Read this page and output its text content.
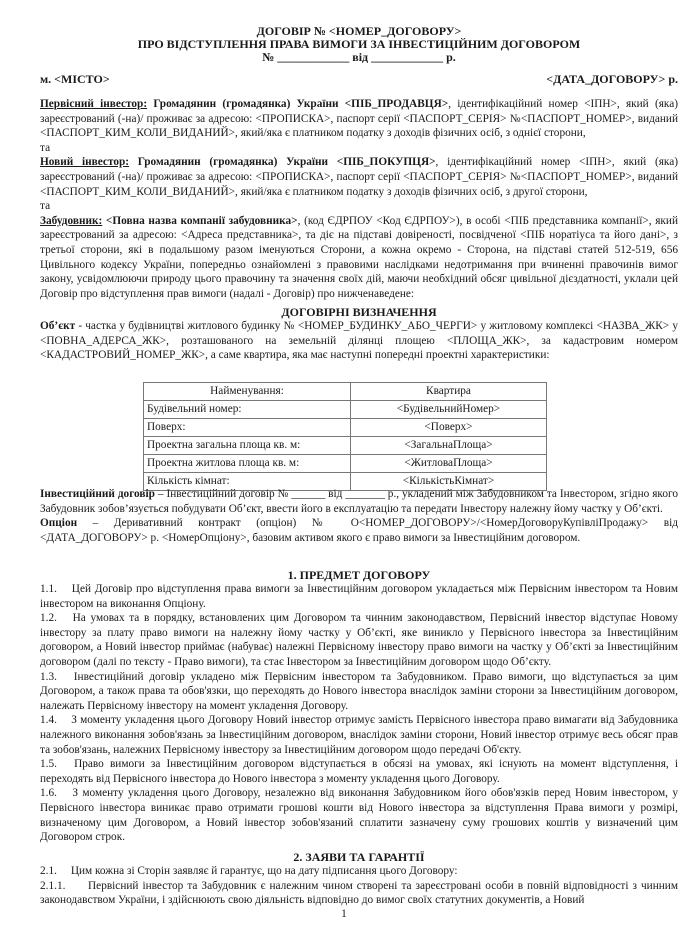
ДОГОВІР № <НОМЕР_ДОГОВОРУ>
ПРО ВІДСТУПЛЕННЯ ПРАВА ВИМОГИ ЗА ІНВЕСТИЦІЙНИМ ДОГОВОРОМ
№ ____________ від ____________ р.
м. <МІСТО>	<ДАТА_ДОГОВОРУ> р.
Первісний інвестор: Громадянин (громадянка) України <ПІБ_ПРОДАВЦЯ>, ідентифікаційний номер <ІПН>, який (яка) зареєстрований (-на)/ проживає за адресою: <ПРОПИСКА>, паспорт серії <ПАСПОРТ_СЕРІЯ> №<ПАСПОРТ_НОМЕР>, виданий <ПАСПОРТ_КИМ_КОЛИ_ВИДАНИЙ>, який/яка є платником податку з доходів фізичних осіб, з однієї сторони,
та
Новий інвестор: Громадянин (громадянка) України <ПІБ_ПОКУПЦЯ>, ідентифікаційний номер <ІПН>, який (яка) зареєстрований (-на)/ проживає за адресою: <ПРОПИСКА>, паспорт серії <ПАСПОРТ_СЕРІЯ> №<ПАСПОРТ_НОМЕР>, виданий <ПАСПОРТ_КИМ_КОЛИ_ВИДАНИЙ>, який/яка є платником податку з доходів фізичних осіб, з другої сторони,
та
Забудовник: <Повна назва компанії забудовника>, (код ЄДРПОУ <Код ЄДРПОУ>), в особі <ПІБ представника компанії>, який зареєстрований за адресою: <Адреса представника>, та діє на підставі довіреності, посвідченої <ПІБ норатіуса та його дані>, з третьої сторони, які в подальшому разом іменуються Сторони, а кожна окремо - Сторона, на підставі статей 512-519, 656 Цивільного кодексу України, попередньо ознайомлені з правовими наслідками недотримання при вчиненні правочинів вимог закону, усвідомлюючи природу цього правочину та значення своїх дій, маючи необхідний обсяг цивільної дієздатності, уклали цей Договір про відступлення прав вимоги (надалі - Договір) про нижченаведене:
ДОГОВІРНІ ВИЗНАЧЕННЯ
Об’єкт - частка у будівництві житлового будинку № <НОМЕР_БУДИНКУ_АБО_ЧЕРГИ> у житловому комплексі <НАЗВА_ЖК> у <ПОВНА_АДЕРСА_ЖК>, розташованого на земельній ділянці площею <ПЛОЩА_ЖК>, за кадастровим номером <КАДАСТРОВИЙ_НОМЕР_ЖК>, а саме квартира, яка має наступні попередні проектні характеристики:
Найменування:	Квартира
Будівельний номер:	<БудівельнийНомер>
Поверх:	<Поверх>
Проектна загальна площа кв. м:	<ЗагальнаПлоща>
Проектна житлова площа кв. м:	<ЖитловаПлоща>
Кількість кімнат:	<КількістьКімнат>
Інвестиційний договір – Інвестиційний договір № ______ від _______ р., укладений між Забудовником та Інвестором, згідно якого Забудовник зобов’язується побудувати Об’єкт, ввести його в експлуатацію та передати Інвестору належну йому частку у Об’єкті.
Опціон – Деривативний контракт (опціон) № О<НОМЕР_ДОГОВОРУ>/<НомерДоговоруКупівліПродажу> від <ДАТА_ДОГОВОРУ> р. <НомерОпціону>, базовим активом якого є право вимоги за Інвестиційним договором.
1. ПРЕДМЕТ ДОГОВОРУ
1.1. Цей Договір про відступлення права вимоги за Інвестиційним договором укладається між Первісним інвестором та Новим інвестором на виконання Опціону.
1.2. На умовах та в порядку, встановлених цим Договором та чинним законодавством, Первісний інвестор відступає Новому інвестору за плату право вимоги на належну йому частку у Об’єкті, яке виникло у Первісного інвестора за Інвестиційним договором, а Новий інвестор приймає (набуває) належні Первісному інвестору право вимоги на частку у Об’єкті за Інвестиційним договором (далі по тексту - Право вимоги), та стає Інвестором за Інвестиційним договором щодо Об’єкту.
1.3. Інвестиційний договір укладено між Первісним інвестором та Забудовником. Право вимоги, що відступається за цим Договором, а також права та обов'язки, що переходять до Нового інвестора внаслідок заміни сторони за Інвестиційним договором, належать Первісному інвестору на момент укладення Договору.
1.4. З моменту укладення цього Договору Новий інвестор отримує замість Первісного інвестора право вимагати від Забудовника належного виконання зобов'язань за Інвестиційним договором, внаслідок заміни сторони, Новий інвестор отримує весь обсяг прав та зобов'язань, належних Первісному інвестору за Інвестиційним договором щодо передачі Об'єкту.
1.5. Право вимоги за Інвестиційним договором відступається в обсязі на умовах, які існують на момент відступлення, і переходять від Первісного інвестора до Нового інвестора з моменту укладення цього Договору.
1.6. З моменту укладення цього Договору, незалежно від виконання Забудовником його обов'язків перед Новим інвестором, у Первісного інвестора виникає право отримати грошові кошти від Нового інвестора за відступлення Права вимоги у розмірі, визначеному цим Договором, а Новий інвестор зобов'язаний сплатити зазначену суму грошових коштів у визначений цим Договором строк.
2. ЗАЯВИ ТА ГАРАНТІЇ
2.1. Цим кожна зі Сторін заявляє й гарантує, що на дату підписання цього Договору:
2.1.1. Первісний інвестор та Забудовник є належним чином створені та зареєстровані особи в повній відповідності з чинним законодавством України, і здійснюють свою діяльність відповідно до вимог своїх статутних документів, а Новий
1
